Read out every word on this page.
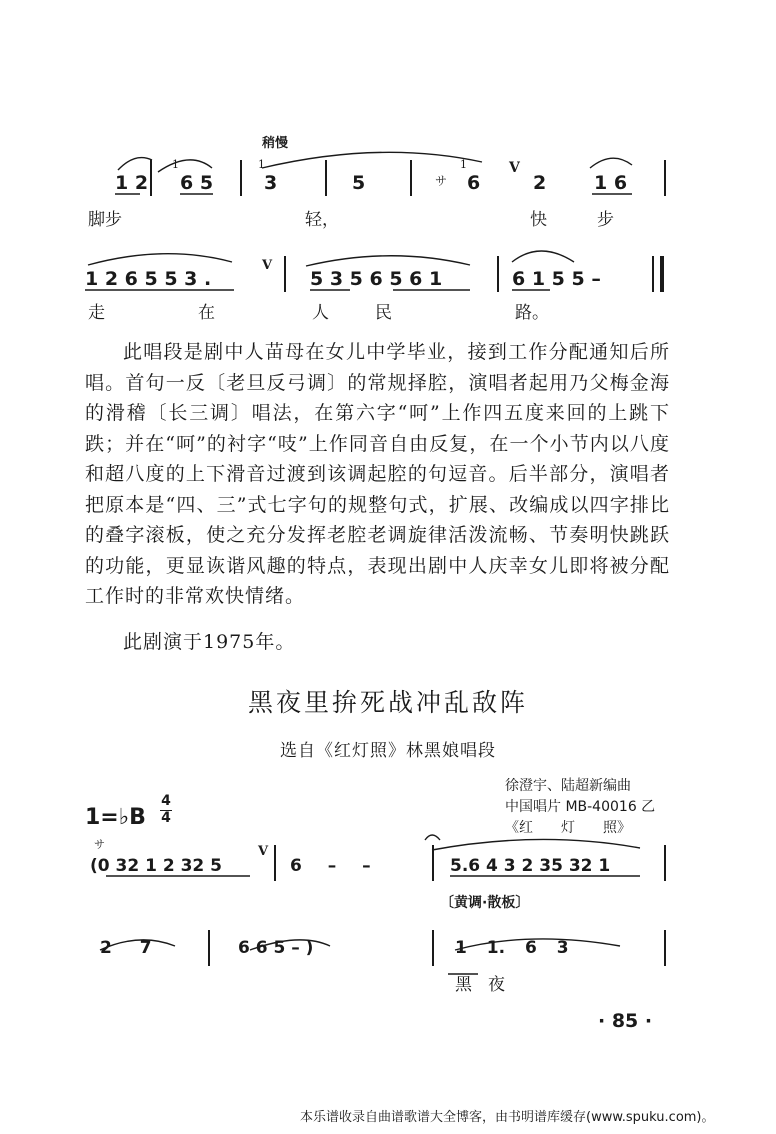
稍慢
1 2
1
6 5
1
3	5	サ
1
6
V
2	1 6
脚步	轻，	快	步
1 2 6 5 5 3 .
V
5 3 5 6 5 6 1	6 1 5 5 –
走	在	人	民	路。

此唱段是剧中人苗母在女儿中学毕业，接到工作分配通知后所唱。首句一反〔老旦反弓调〕的常规择腔，演唱者起用乃父梅金海的滑稽〔长三调〕唱法，在第六字“呵”上作四五度来回的上跳下跌；并在“呵”的衬字“吱”上作同音自由反复，在一个小节内以八度和超八度的上下滑音过渡到该调起腔的句逗音。后半部分，演唱者把原本是“四、三”式七字句的规整句式，扩展、改编成以四字排比的叠字滚板，使之充分发挥老腔老调旋律活泼流畅、节奏明快跳跃的功能，更显诙谐风趣的特点，表现出剧中人庆幸女儿即将被分配工作时的非常欢快情绪。

此剧演于1975年。

黑夜里拚死战冲乱敌阵
选自《红灯照》林黑娘唱段
徐澄宇、陆超新编曲
中国唱片 MB-40016 乙
《红　　灯　　照》
1=♭B
4
4
サ
(0 32 1 2 32 5
V
6 – –	5.6 4 3 2 35 32 1
〔黄调·散板〕
2 7	6 6 5 – )	1 1. 6 3
黑 夜
· 85 ·
本乐谱收录自曲谱歌谱大全博客，由书明谱库缓存(www.spuku.com)。
